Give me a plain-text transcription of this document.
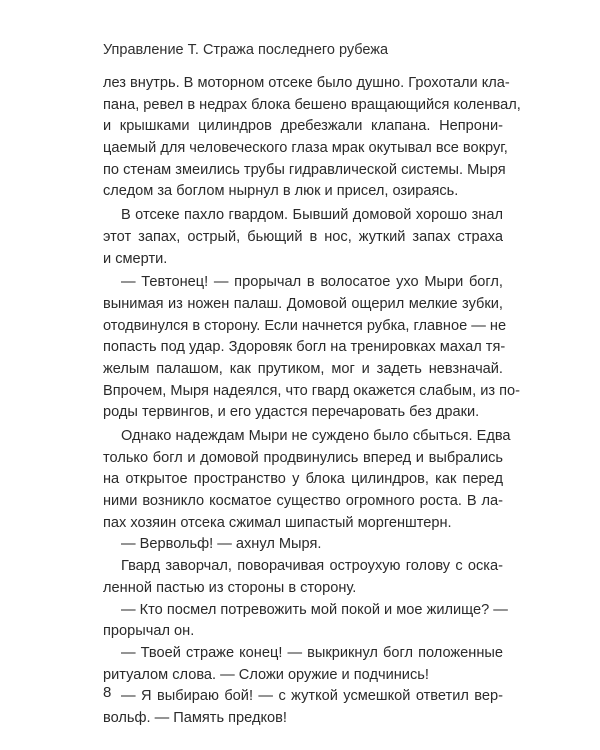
Управление Т. Стража последнего рубежа
лез внутрь. В моторном отсеке было душно. Грохотали кла-
пана, ревел в недрах блока бешено вращающийся коленвал,
и крышками цилиндров дребезжали клапана. Непрони-
цаемый для человеческого глаза мрак окутывал все вокруг,
по стенам змеились трубы гидравлической системы. Мыря
следом за боглом нырнул в люк и присел, озираясь.
В отсеке пахло гвардом. Бывший домовой хорошо знал
этот запах, острый, бьющий в нос, жуткий запах страха
и смерти.
— Тевтонец! — прорычал в волосатое ухо Мыри богл,
вынимая из ножен палаш. Домовой ощерил мелкие зубки,
отодвинулся в сторону. Если начнется рубка, главное — не
попасть под удар. Здоровяк богл на тренировках махал тя-
желым палашом, как прутиком, мог и задеть невзначай.
Впрочем, Мыря надеялся, что гвард окажется слабым, из по-
роды тервингов, и его удастся перечаровать без драки.
Однако надеждам Мыри не суждено было сбыться. Едва
только богл и домовой продвинулись вперед и выбрались
на открытое пространство у блока цилиндров, как перед
ними возникло косматое существо огромного роста. В ла-
пах хозяин отсека сжимал шипастый моргенштерн.
— Вервольф! — ахнул Мыря.
Гвард заворчал, поворачивая остроухую голову с оска-
ленной пастью из стороны в сторону.
— Кто посмел потревожить мой покой и мое жилище? —
прорычал он.
— Твоей страже конец! — выкрикнул богл положенные
ритуалом слова. — Сложи оружие и подчинись!
— Я выбираю бой! — с жуткой усмешкой ответил вер-
вольф. — Память предков!
8
